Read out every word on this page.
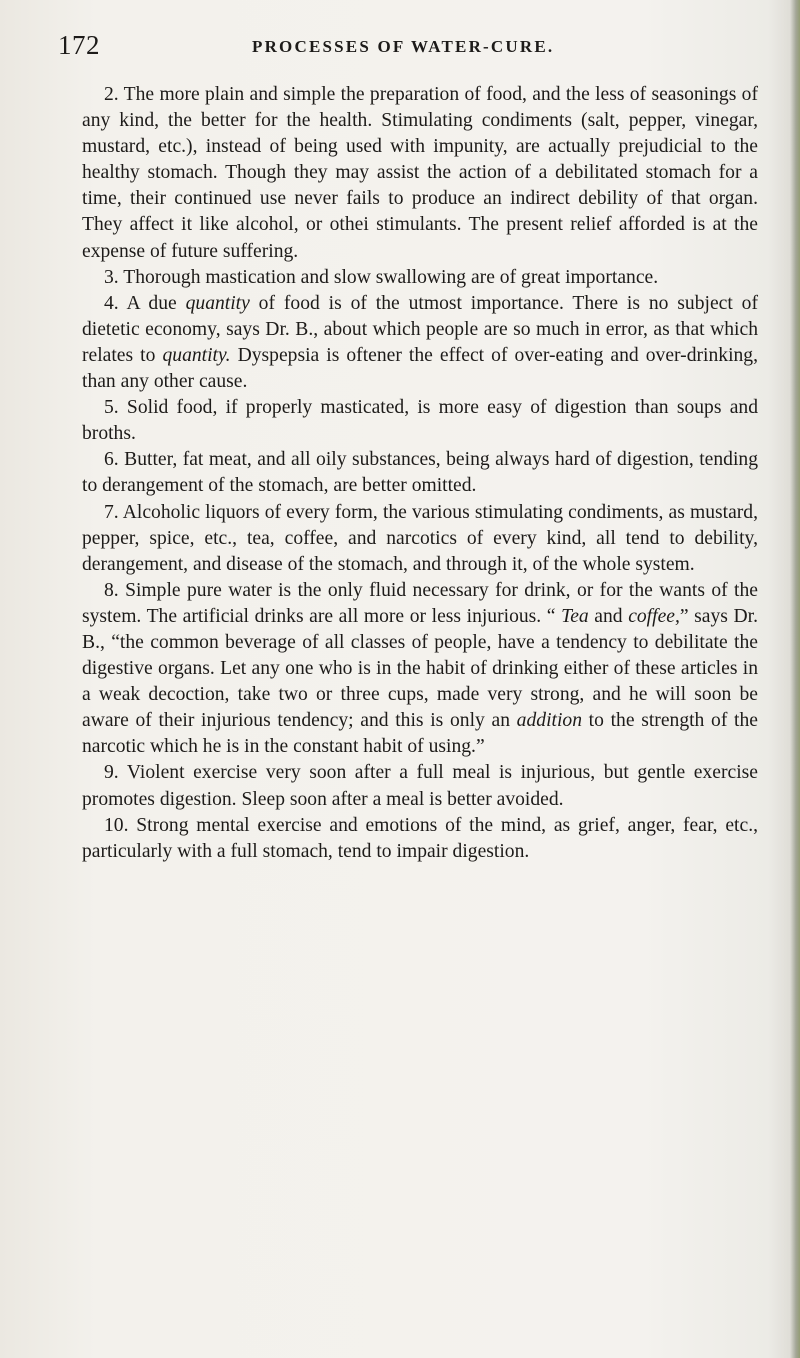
172	PROCESSES OF WATER-CURE.

2. The more plain and simple the preparation of food, and the less of seasonings of any kind, the better for the health. Stimulating condiments (salt, pepper, vinegar, mustard, etc.), instead of being used with impunity, are actually prejudicial to the healthy stomach. Though they may assist the action of a debilitated stomach for a time, their continued use never fails to produce an indirect debility of that organ. They affect it like alcohol, or othei stimulants. The present relief afforded is at the expense of future suffering.

3. Thorough mastication and slow swallowing are of great importance.

4. A due quantity of food is of the utmost importance. There is no subject of dietetic economy, says Dr. B., about which people are so much in error, as that which relates to quantity. Dyspepsia is oftener the effect of over-eating and over-drinking, than any other cause.

5. Solid food, if properly masticated, is more easy of digestion than soups and broths.

6. Butter, fat meat, and all oily substances, being always hard of digestion, tending to derangement of the stomach, are better omitted.

7. Alcoholic liquors of every form, the various stimulating condiments, as mustard, pepper, spice, etc., tea, coffee, and narcotics of every kind, all tend to debility, derangement, and disease of the stomach, and through it, of the whole system.

8. Simple pure water is the only fluid necessary for drink, or for the wants of the system. The artificial drinks are all more or less injurious. “ Tea and coffee,” says Dr. B., “the common beverage of all classes of people, have a tendency to debilitate the digestive organs. Let any one who is in the habit of drinking either of these articles in a weak decoction, take two or three cups, made very strong, and he will soon be aware of their injurious tendency; and this is only an addition to the strength of the narcotic which he is in the constant habit of using.”

9. Violent exercise very soon after a full meal is injurious, but gentle exercise promotes digestion. Sleep soon after a meal is better avoided.

10. Strong mental exercise and emotions of the mind, as grief, anger, fear, etc., particularly with a full stomach, tend to impair digestion.
